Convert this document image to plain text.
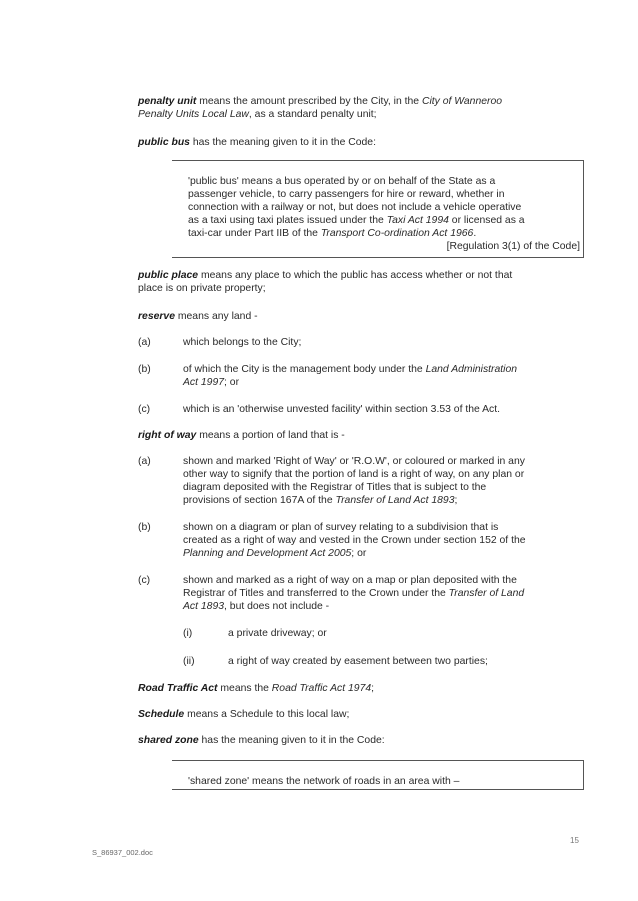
penalty unit means the amount prescribed by the City, in the City of Wanneroo

Penalty Units Local Law, as a standard penalty unit;

public bus has the meaning given to it in the Code:

'public bus' means a bus operated by or on behalf of the State as a

passenger vehicle, to carry passengers for hire or reward, whether in

connection with a railway or not, but does not include a vehicle operative

as a taxi using taxi plates issued under the Taxi Act 1994 or licensed as a

taxi-car under Part IIB of the Transport Co-ordination Act 1966.

[Regulation 3(1) of the Code]

public place means any place to which the public has access whether or not that

place is on private property;

reserve means any land -

(a)	which belongs to the City;
(b)	of which the City is the management body under the Land Administration

Act 1997; or

(c)	which is an 'otherwise unvested facility' within section 3.53 of the Act.

right of way means a portion of land that is -

(a)	shown and marked 'Right of Way' or 'R.O.W', or coloured or marked in any

other way to signify that the portion of land is a right of way, on any plan or

diagram deposited with the Registrar of Titles that is subject to the

provisions of section 167A of the Transfer of Land Act 1893;

(b)	shown on a diagram or plan of survey relating to a subdivision that is

created as a right of way and vested in the Crown under section 152 of the

Planning and Development Act 2005; or

(c)	shown and marked as a right of way on a map or plan deposited with the

Registrar of Titles and transferred to the Crown under the Transfer of Land

Act 1893, but does not include -

(i)	a private driveway; or
(ii)	a right of way created by easement between two parties;

Road Traffic Act means the Road Traffic Act 1974;

Schedule means a Schedule to this local law;

shared zone has the meaning given to it in the Code:

'shared zone' means the network of roads in an area with –
15
S_86937_002.doc
